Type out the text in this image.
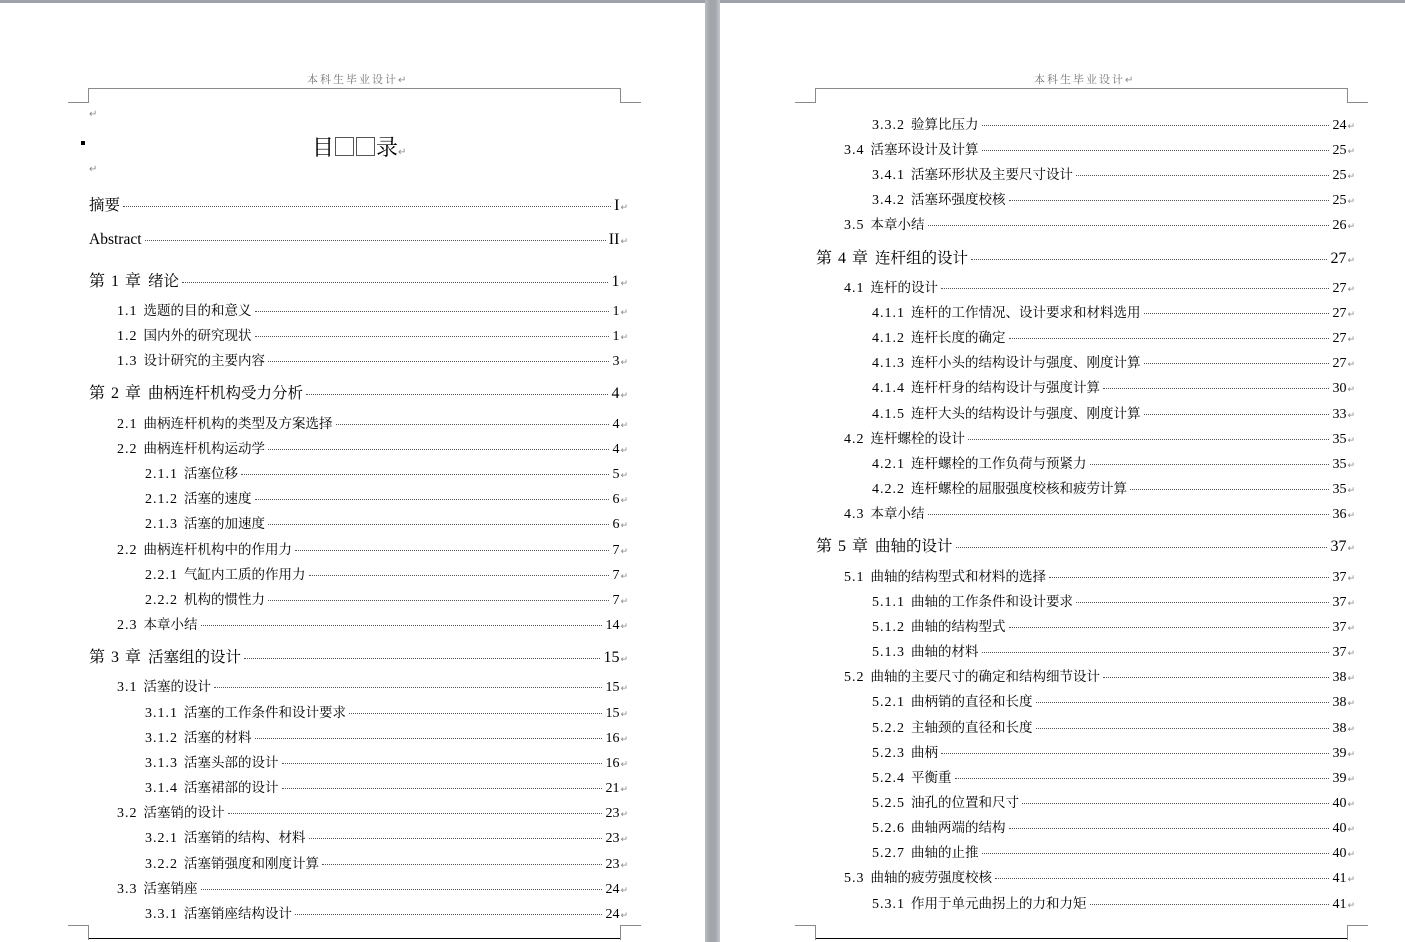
本科生毕业设计↵
↵
目 录↵
↵
摘要	I ↵
Abstract	II ↵
第 1 章 绪论	1 ↵
1.1 选题的目的和意义	1 ↵
1.2 国内外的研究现状	1 ↵
1.3 设计研究的主要内容	3 ↵
第 2 章 曲柄连杆机构受力分析	4 ↵
2.1 曲柄连杆机构的类型及方案选择	4 ↵
2.2 曲柄连杆机构运动学	4 ↵
2.1.1 活塞位移	5 ↵
2.1.2 活塞的速度	6 ↵
2.1.3 活塞的加速度	6 ↵
2.2 曲柄连杆机构中的作用力	7 ↵
2.2.1 气缸内工质的作用力	7 ↵
2.2.2 机构的惯性力	7 ↵
2.3 本章小结	14 ↵
第 3 章 活塞组的设计	15 ↵
3.1 活塞的设计	15 ↵
3.1.1 活塞的工作条件和设计要求	15 ↵
3.1.2 活塞的材料	16 ↵
3.1.3 活塞头部的设计	16 ↵
3.1.4 活塞裙部的设计	21 ↵
3.2 活塞销的设计	23 ↵
3.2.1 活塞销的结构、材料	23 ↵
3.2.2 活塞销强度和刚度计算	23 ↵
3.3 活塞销座	24 ↵
3.3.1 活塞销座结构设计	24 ↵
本科生毕业设计↵
3.3.2 验算比压力	24 ↵
3.4 活塞环设计及计算	25 ↵
3.4.1 活塞环形状及主要尺寸设计	25 ↵
3.4.2 活塞环强度校核	25 ↵
3.5 本章小结	26 ↵
第 4 章 连杆组的设计	27 ↵
4.1 连杆的设计	27 ↵
4.1.1 连杆的工作情况、设计要求和材料选用	27 ↵
4.1.2 连杆长度的确定	27 ↵
4.1.3 连杆小头的结构设计与强度、刚度计算	27 ↵
4.1.4 连杆杆身的结构设计与强度计算	30 ↵
4.1.5 连杆大头的结构设计与强度、刚度计算	33 ↵
4.2 连杆螺栓的设计	35 ↵
4.2.1 连杆螺栓的工作负荷与预紧力	35 ↵
4.2.2 连杆螺栓的屈服强度校核和疲劳计算	35 ↵
4.3 本章小结	36 ↵
第 5 章 曲轴的设计	37 ↵
5.1 曲轴的结构型式和材料的选择	37 ↵
5.1.1 曲轴的工作条件和设计要求	37 ↵
5.1.2 曲轴的结构型式	37 ↵
5.1.3 曲轴的材料	37 ↵
5.2 曲轴的主要尺寸的确定和结构细节设计	38 ↵
5.2.1 曲柄销的直径和长度	38 ↵
5.2.2 主轴颈的直径和长度	38 ↵
5.2.3 曲柄	39 ↵
5.2.4 平衡重	39 ↵
5.2.5 油孔的位置和尺寸	40 ↵
5.2.6 曲轴两端的结构	40 ↵
5.2.7 曲轴的止推	40 ↵
5.3 曲轴的疲劳强度校核	41 ↵
5.3.1 作用于单元曲拐上的力和力矩	41 ↵
